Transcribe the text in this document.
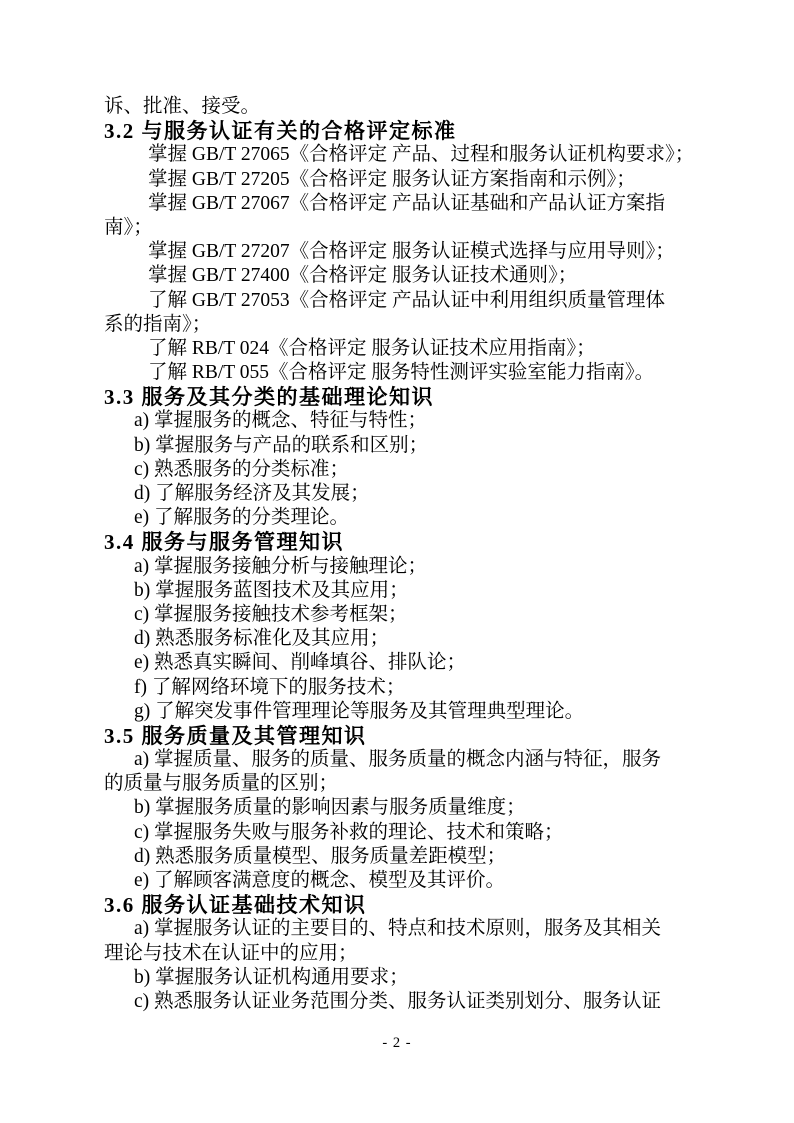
诉、批准、接受。
3.2 与服务认证有关的合格评定标准
掌握 GB/T 27065《合格评定 产品、过程和服务认证机构要求》；
掌握 GB/T 27205《合格评定 服务认证方案指南和示例》；
掌握 GB/T 27067《合格评定 产品认证基础和产品认证方案指
南》；
掌握 GB/T 27207《合格评定 服务认证模式选择与应用导则》；
掌握 GB/T 27400《合格评定 服务认证技术通则》；
了解 GB/T 27053《合格评定 产品认证中利用组织质量管理体
系的指南》；
了解 RB/T 024《合格评定 服务认证技术应用指南》；
了解 RB/T 055《合格评定 服务特性测评实验室能力指南》。
3.3 服务及其分类的基础理论知识
a) 掌握服务的概念、特征与特性；
b) 掌握服务与产品的联系和区别；
c) 熟悉服务的分类标准；
d) 了解服务经济及其发展；
e) 了解服务的分类理论。
3.4 服务与服务管理知识
a) 掌握服务接触分析与接触理论；
b) 掌握服务蓝图技术及其应用；
c) 掌握服务接触技术参考框架；
d) 熟悉服务标准化及其应用；
e) 熟悉真实瞬间、削峰填谷、排队论；
f) 了解网络环境下的服务技术；
g) 了解突发事件管理理论等服务及其管理典型理论。
3.5 服务质量及其管理知识
a) 掌握质量、服务的质量、服务质量的概念内涵与特征，服务
的质量与服务质量的区别；
b) 掌握服务质量的影响因素与服务质量维度；
c) 掌握服务失败与服务补救的理论、技术和策略；
d) 熟悉服务质量模型、服务质量差距模型；
e) 了解顾客满意度的概念、模型及其评价。
3.6 服务认证基础技术知识
a) 掌握服务认证的主要目的、特点和技术原则，服务及其相关
理论与技术在认证中的应用；
b) 掌握服务认证机构通用要求；
c) 熟悉服务认证业务范围分类、服务认证类别划分、服务认证
- 2 -
